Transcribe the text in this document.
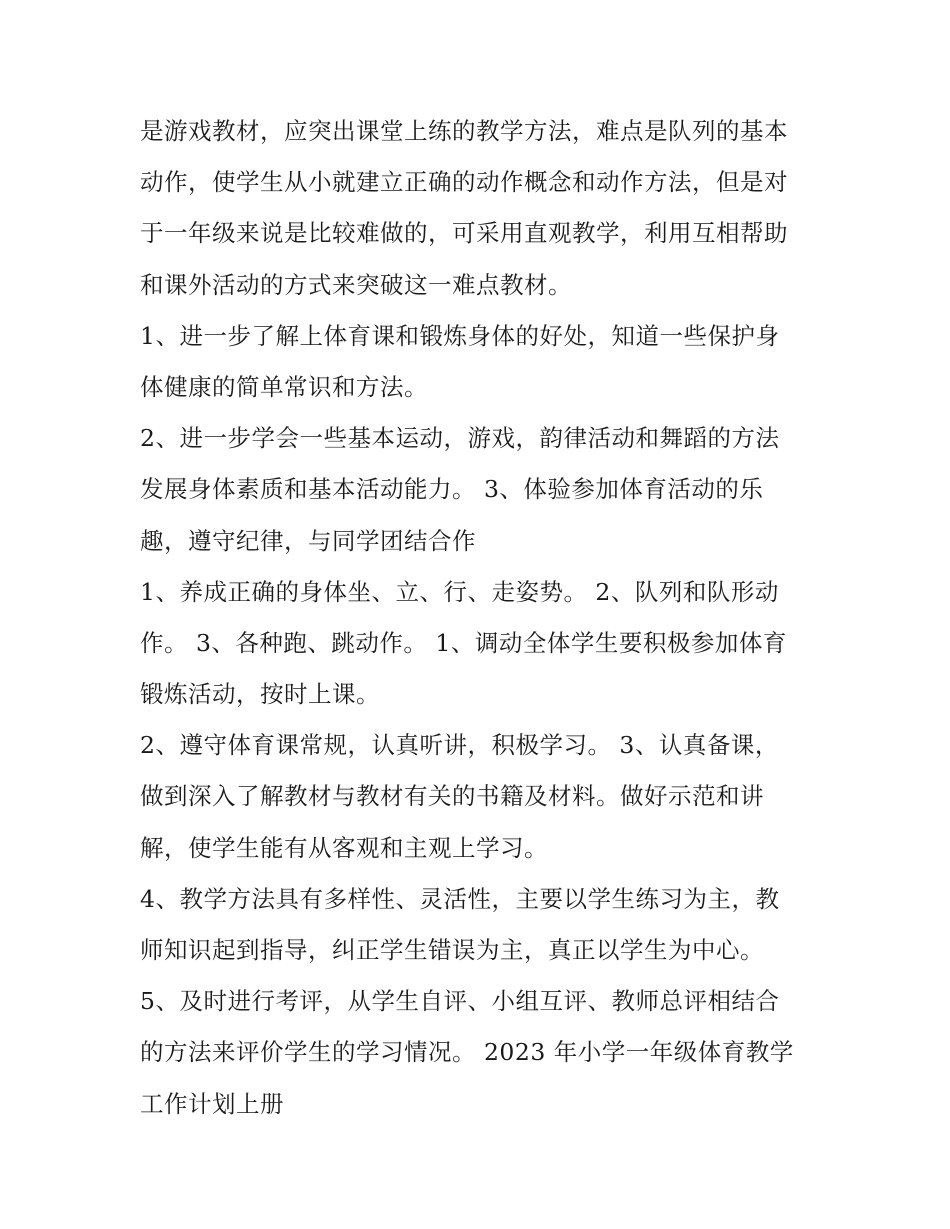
是游戏教材，应突出课堂上练的教学方法，难点是队列的基本
动作，使学生从小就建立正确的动作概念和动作方法，但是对
于一年级来说是比较难做的，可采用直观教学，利用互相帮助
和课外活动的方式来突破这一难点教材。
1、进一步了解上体育课和锻炼身体的好处，知道一些保护身
体健康的简单常识和方法。
2、进一步学会一些基本运动，游戏，韵律活动和舞蹈的方法
发展身体素质和基本活动能力。 3、体验参加体育活动的乐
趣，遵守纪律，与同学团结合作
1、养成正确的身体坐、立、行、走姿势。 2、队列和队形动
作。 3、各种跑、跳动作。 1、调动全体学生要积极参加体育
锻炼活动，按时上课。
2、遵守体育课常规，认真听讲，积极学习。 3、认真备课，
做到深入了解教材与教材有关的书籍及材料。做好示范和讲
解，使学生能有从客观和主观上学习。
4、教学方法具有多样性、灵活性，主要以学生练习为主，教
师知识起到指导，纠正学生错误为主，真正以学生为中心。
5、及时进行考评，从学生自评、小组互评、教师总评相结合
的方法来评价学生的学习情况。 2023 年小学一年级体育教学
工作计划上册
